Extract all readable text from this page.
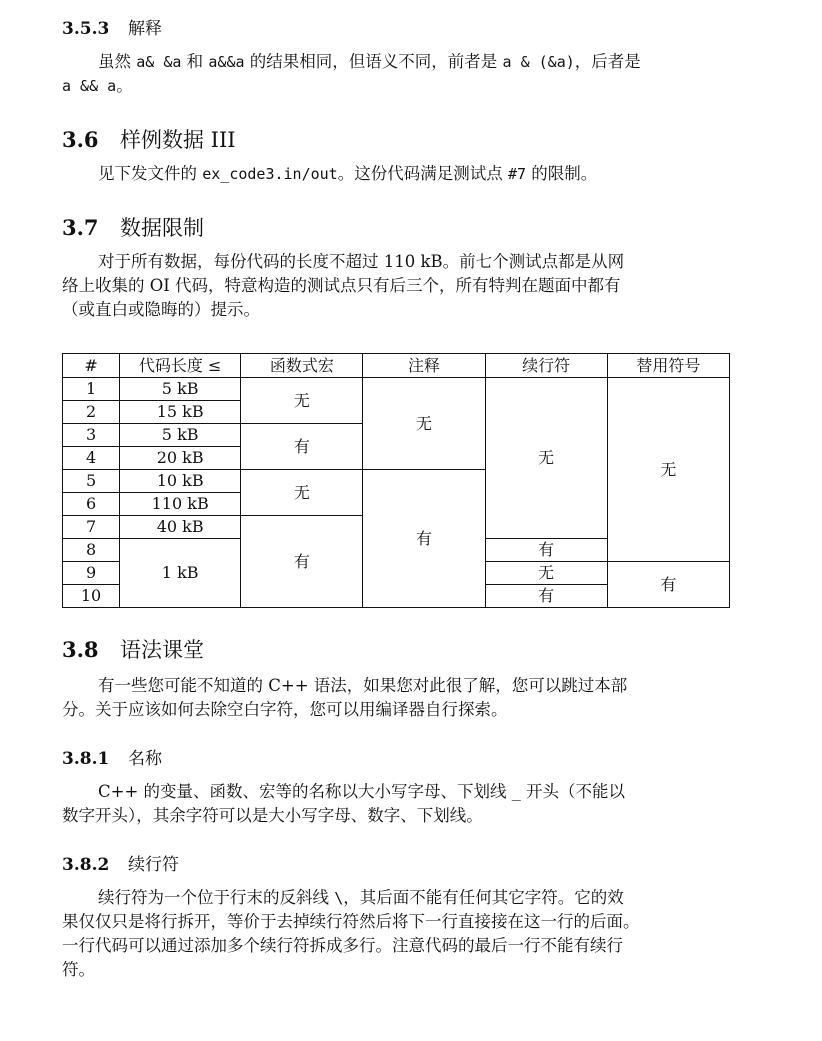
3.5.3 解释
虽然 a& &a 和 a&&a 的结果相同，但语义不同，前者是 a & (&a)，后者是
a && a。
3.6 样例数据 III
见下发文件的 ex_code3.in/out。这份代码满足测试点 #7 的限制。
3.7 数据限制
对于所有数据，每份代码的长度不超过 110 kB。前七个测试点都是从网
络上收集的 OI 代码，特意构造的测试点只有后三个，所有特判在题面中都有
（或直白或隐晦的）提示。
#	代码长度 ≤	函数式宏	注释	续行符	替用符号
1	5 kB	无	无	无	无
2	15 kB				
3	5 kB	有			
4	20 kB				
5	10 kB	无	有		
6	110 kB				
7	40 kB	有			
8	1 kB			有	
9				无	有
10				有	
3.8 语法课堂
有一些您可能不知道的 C++ 语法，如果您对此很了解，您可以跳过本部
分。关于应该如何去除空白字符，您可以用编译器自行探索。
3.8.1 名称
C++ 的变量、函数、宏等的名称以大小写字母、下划线 _ 开头（不能以
数字开头），其余字符可以是大小写字母、数字、下划线。
3.8.2 续行符
续行符为一个位于行末的反斜线 \，其后面不能有任何其它字符。它的效
果仅仅只是将行拆开，等价于去掉续行符然后将下一行直接接在这一行的后面。
一行代码可以通过添加多个续行符拆成多行。注意代码的最后一行不能有续行
符。
